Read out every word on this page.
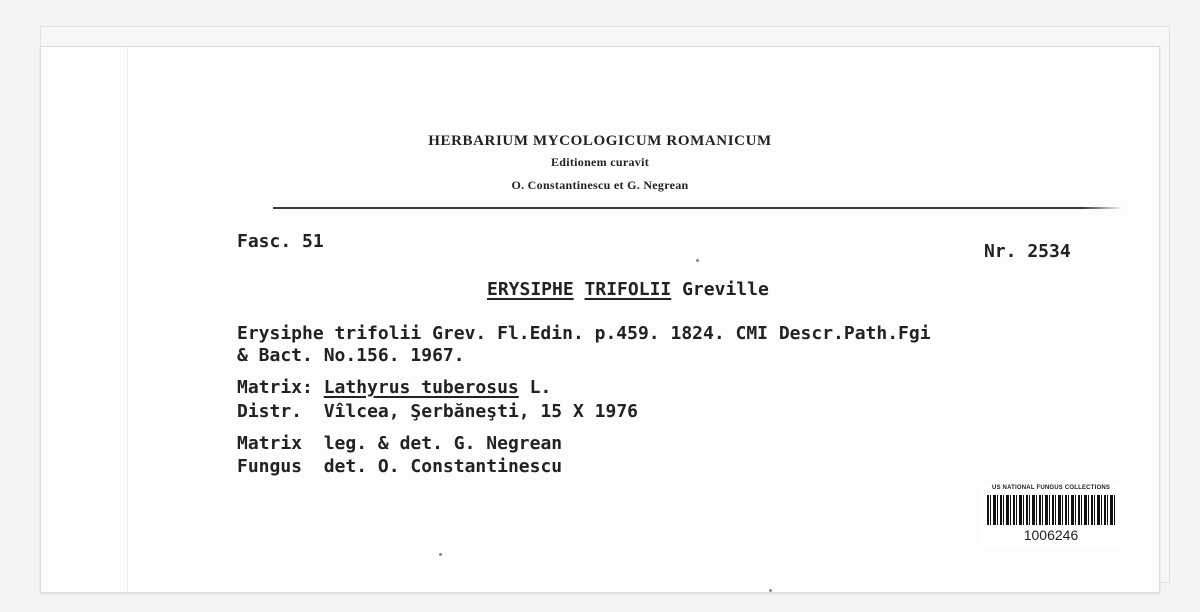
HERBARIUM MYCOLOGICUM ROMANICUM
Editionem curavit
O. Constantinescu et G. Negrean
Fasc. 51	Nr. 2534
ERYSIPHE TRIFOLII Greville
Erysiphe trifolii Grev. Fl.Edin. p.459. 1824. CMI Descr.Path.Fgi
& Bact. No.156. 1967.
Matrix: Lathyrus tuberosus L.
Distr. Vîlcea, Şerbăneşti, 15 X 1976
Matrix leg. & det. G. Negrean
Fungus det. O. Constantinescu
US NATIONAL FUNGUS COLLECTIONS
1006246
